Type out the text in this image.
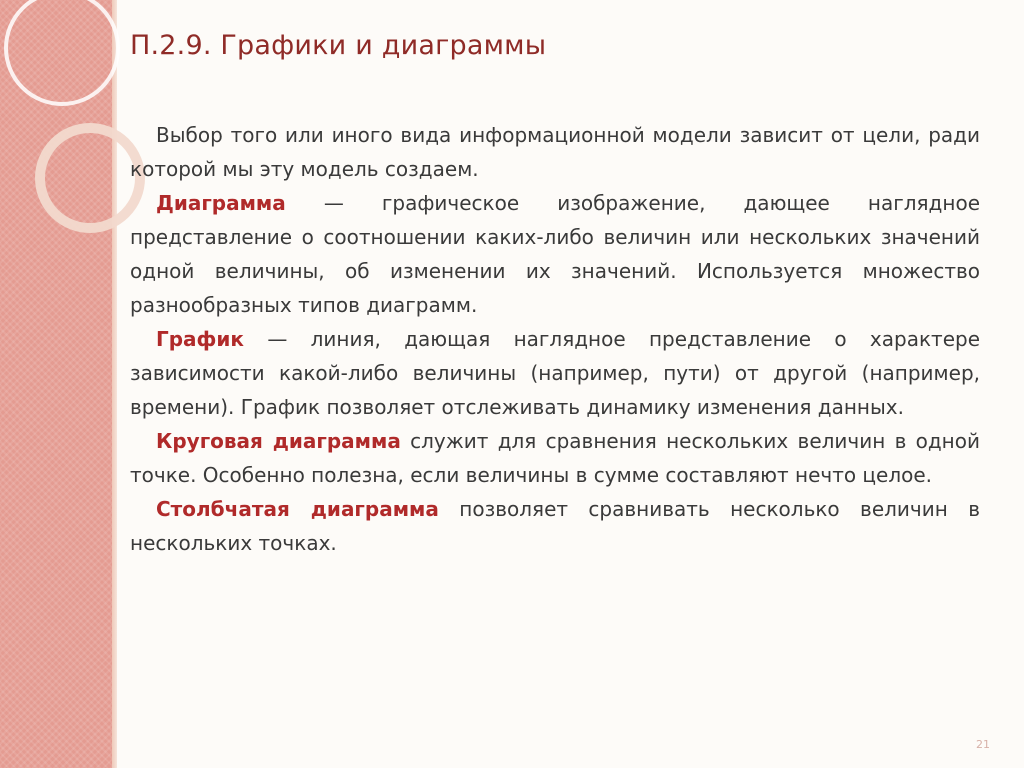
П.2.9. Графики и диаграммы

Выбор того или иного вида информационной модели зависит от цели, ради которой мы эту модель создаем.

Диаграмма — графическое изображение, дающее наглядное представление о соотношении каких-либо величин или нескольких значений одной величины, об изменении их значений. Используется множество разнообразных типов диаграмм.

График — линия, дающая наглядное представление о характере зависимости какой-либо величины (например, пути) от другой (например, времени). График позволяет отслеживать динамику изменения данных.

Круговая диаграмма служит для сравнения нескольких величин в одной точке. Особенно полезна, если величины в сумме составляют нечто целое.

Столбчатая диаграмма позволяет сравнивать несколько величин в нескольких точках.

21
